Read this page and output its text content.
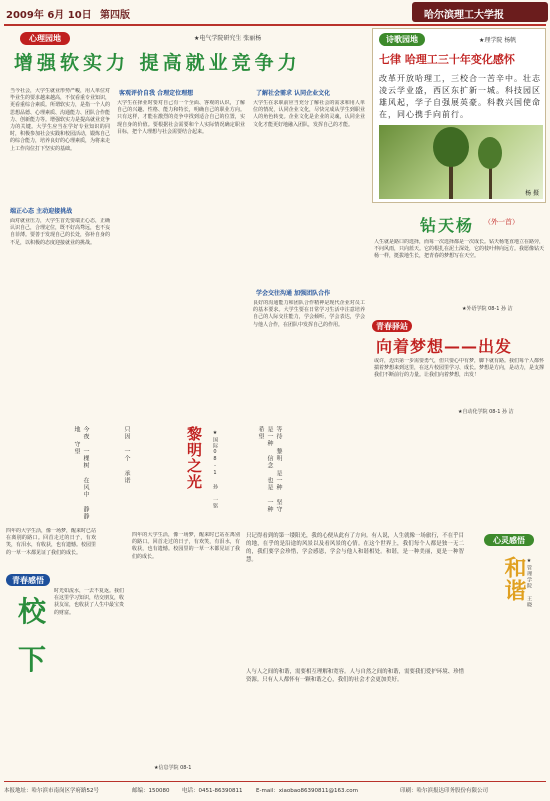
2009年 6月 10日 第四版	哈尔滨理工大学报
心理园地	★电气学院研究生 张丽杨
增强软实力 提高就业竞争力
当今社会，大学生就业形势严峻，用人单位对毕业生的要求越来越高，不仅看重专业知识，更看重综合素质。所谓软实力，是指一个人的思想品德、心理素质、沟通能力、团队合作能力、创新能力等。增强软实力是提高就业竞争力的关键。大学生应当在学好专业知识的同时，积极参加社会实践和校园活动，锻炼自己的综合能力，培养良好的心理素质，为将来走上工作岗位打下坚实的基础。
端正心态 主动迎接挑战
面对就业压力，大学生首先要端正心态，正确认识自己，合理定位，既不好高骛远，也不妄自菲薄。要善于发现自己的长处，弥补自身的不足，以积极的态度迎接就业的挑战。
客观评价自我 合理定位理想
大学生在择业时要对自己有一个全面、客观的认识，了解自己的兴趣、性格、能力和特长，明确自己的职业方向。只有这样，才能在激烈的竞争中找到适合自己的位置，实现自身的价值。要根据社会需要和个人实际情况确定职业目标，把个人理想与社会需要结合起来。
了解社会需求 认同企业文化
大学生在求职前应当充分了解社会的需求和用人单位的情况，认同企业文化，尽快完成从学生到职业人的角色转变。企业文化是企业的灵魂，认同企业文化才能更好地融入团队，发挥自己的才能。
学会交往沟通 加强团队合作
良好的沟通能力和团队合作精神是现代企业对员工的基本要求。大学生要在日常学习生活中注意培养自己的人际交往能力，学会倾听，学会表达，学会与他人合作，在团队中发挥自己的作用。
诗歌园地	★理学院 杨帆
七律 哈理工三十年变化感怀
改革开放哈理工，三校合一苦辛中。壮志凌云学业盛，西区东扩新一城。科技园区雄风起，学子自强展英豪。科教兴国使命在，同心携手向前行。
杨 摄
钻天杨 （外一首）
人生就是路口的选择，而每一次选择都是一次成长。钻天杨笔直地立在路旁，不问风雨，只向蓝天。它的根扎在泥土深处，它的枝叶伸向远方。我愿像钻天杨一样，挺拔地生长，把青春的梦想写在天空。
★外语学院 08-1 孙 洁
青春驿站
向着梦想——出发
或许，迈出第一步需要勇气，但只要心中有梦，脚下就有路。我们每个人都怀揣着梦想来到这里，在这片校园里学习、成长。梦想是方向，是动力，是支撑我们不断前行的力量。让我们向着梦想，出发！
★自动化学院 08-1 孙 洁
今夜 一棵树 在风中 静静地 守望	只因 一个 承诺	黎明之光	★国际08-1 孙 一铭	等待 黎明 是一种 坚守 是一种 信念 也是 一种 希望
只记得看到的第一缕阳光，我的心便从此有了方向。有人说，人生就像一场旅行，不在乎目的地，在乎的是沿途的风景以及看风景的心情。在这个世界上，我们每个人都是独一无二的，我们要学会珍惜，学会感恩，学会与他人和谐相处。和谐，是一种美丽，更是一种智慧。
人与人之间的和谐，需要相互理解和宽容。人与自然之间的和谐，需要我们爱护环境、珍惜资源。只有人人都怀有一颗和谐之心，我们的社会才会更加美好。
心灵感悟
和谐 ★管理学院 王晓
四年的大学生活，像一场梦，醒来时已站在离别的路口。回首走过的日子，有欢笑，有泪水，有收获，也有遗憾。校园里的一草一木都见证了我们的成长。
青春感悟
校
下
时光如流水，一去不复返。我们在这里学习知识，结交朋友，收获友谊，也收获了人生中最宝贵的财富。
四年的大学生活，像一场梦，醒来时已站在离别的路口。回首走过的日子，有欢笑，有泪水，有收获，也有遗憾。校园里的一草一木都见证了我们的成长。
★信息学院 08-1
本报地址：哈尔滨市南岗区学府路52号	邮编：150080 电话：0451-86390811 E-mail：xiaobao86390811@163.com	印刷：哈尔滨报达印务股份有限公司
